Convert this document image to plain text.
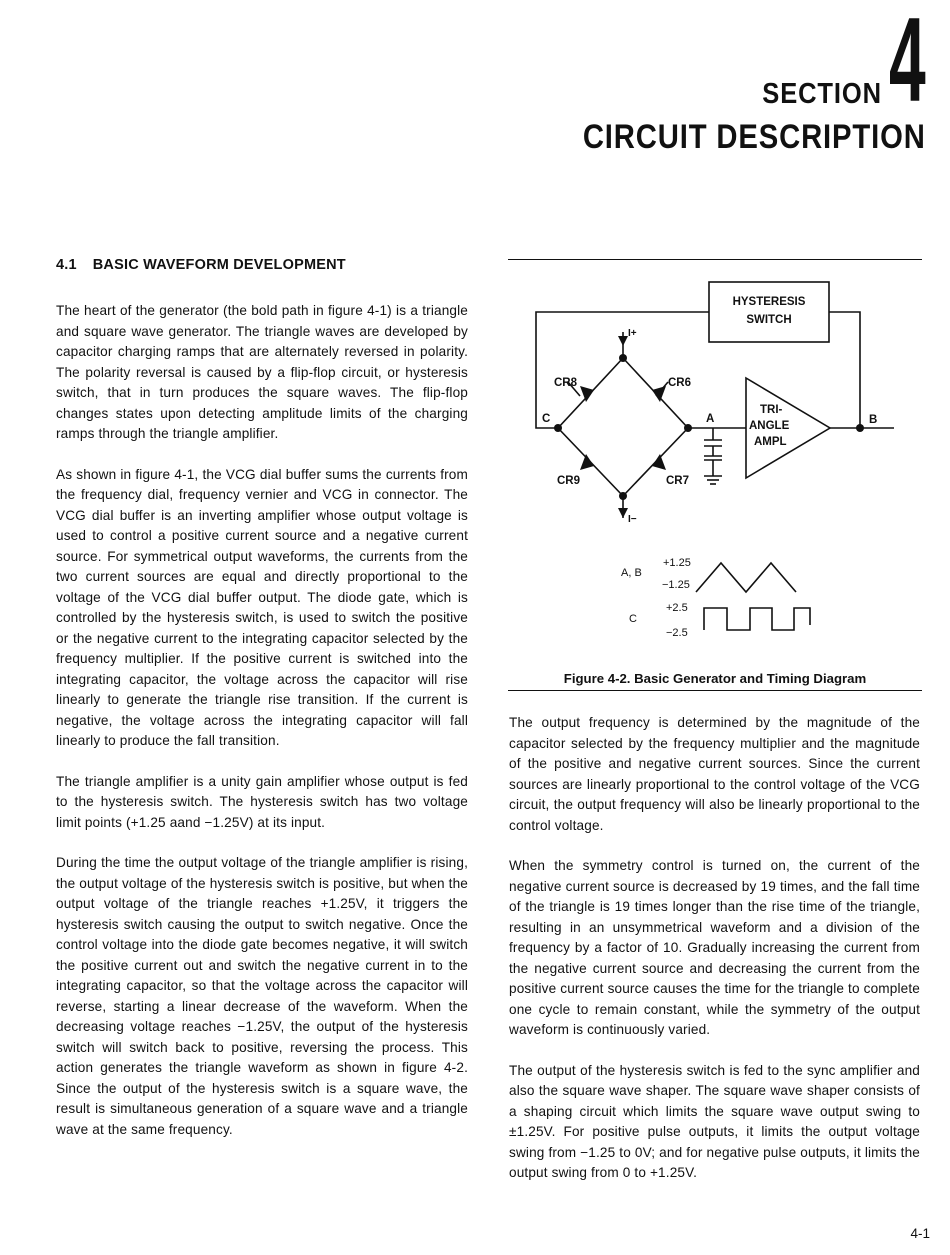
SECTION 4
CIRCUIT DESCRIPTION
4.1 BASIC WAVEFORM DEVELOPMENT

The heart of the generator (the bold path in figure 4-1) is a triangle and square wave generator. The triangle waves are developed by capacitor charging ramps that are alternately reversed in polarity. The polarity reversal is caused by a flip-flop circuit, or hysteresis switch, that in turn produces the square waves. The flip-flop changes states upon detecting amplitude limits of the charging ramps through the triangle amplifier.

As shown in figure 4-1, the VCG dial buffer sums the currents from the frequency dial, frequency vernier and VCG in connector. The VCG dial buffer is an inverting amplifier whose output voltage is used to control a positive current source and a negative current source. For symmetrical output waveforms, the currents from the two current sources are equal and directly proportional to the voltage of the VCG dial buffer output. The diode gate, which is controlled by the hysteresis switch, is used to switch the positive or the negative current to the integrating capacitor selected by the frequency multiplier. If the positive current is switched into the integrating capacitor, the voltage across the capacitor will rise linearly to generate the triangle rise transition. If the current is negative, the voltage across the integrating capacitor will fall linearly to produce the fall transition.

The triangle amplifier is a unity gain amplifier whose output is fed to the hysteresis switch. The hysteresis switch has two voltage limit points (+1.25 aand −1.25V) at its input.

During the time the output voltage of the triangle amplifier is rising, the output voltage of the hysteresis switch is positive, but when the output voltage of the triangle reaches +1.25V, it triggers the hysteresis switch causing the output to switch negative. Once the control voltage into the diode gate becomes negative, it will switch the positive current out and switch the negative current in to the integrating capacitor, so that the voltage across the capacitor will reverse, starting a linear decrease of the waveform. When the decreasing voltage reaches −1.25V, the output of the hysteresis switch will switch back to positive, reversing the process. This action generates the triangle waveform as shown in figure 4-2. Since the output of the hysteresis switch is a square wave, the result is simultaneous generation of a square wave and a triangle wave at the same frequency.

HYSTERESIS
SWITCH
TRI-
ANGLE
AMPL
I+
I−
CR8	CR6
CR9	CR7
A	B
C
A, B
+1.25
−1.25
C
+2.5
−2.5
Figure 4-2. Basic Generator and Timing Diagram

The output frequency is determined by the magnitude of the capacitor selected by the frequency multiplier and the magnitude of the positive and negative current sources. Since the current sources are linearly proportional to the control voltage of the VCG circuit, the output frequency will also be linearly proportional to the control voltage.

When the symmetry control is turned on, the current of the negative current source is decreased by 19 times, and the fall time of the triangle is 19 times longer than the rise time of the triangle, resulting in an unsymmetrical waveform and a division of the frequency by a factor of 10. Gradually increasing the current from the negative current source and decreasing the current from the positive current source causes the time for the triangle to complete one cycle to remain constant, while the symmetry of the output waveform is continuously varied.

The output of the hysteresis switch is fed to the sync amplifier and also the square wave shaper. The square wave shaper consists of a shaping circuit which limits the square wave output swing to ±1.25V. For positive pulse outputs, it limits the output voltage swing from −1.25 to 0V; and for negative pulse outputs, it limits the output swing from 0 to +1.25V.

4-1
